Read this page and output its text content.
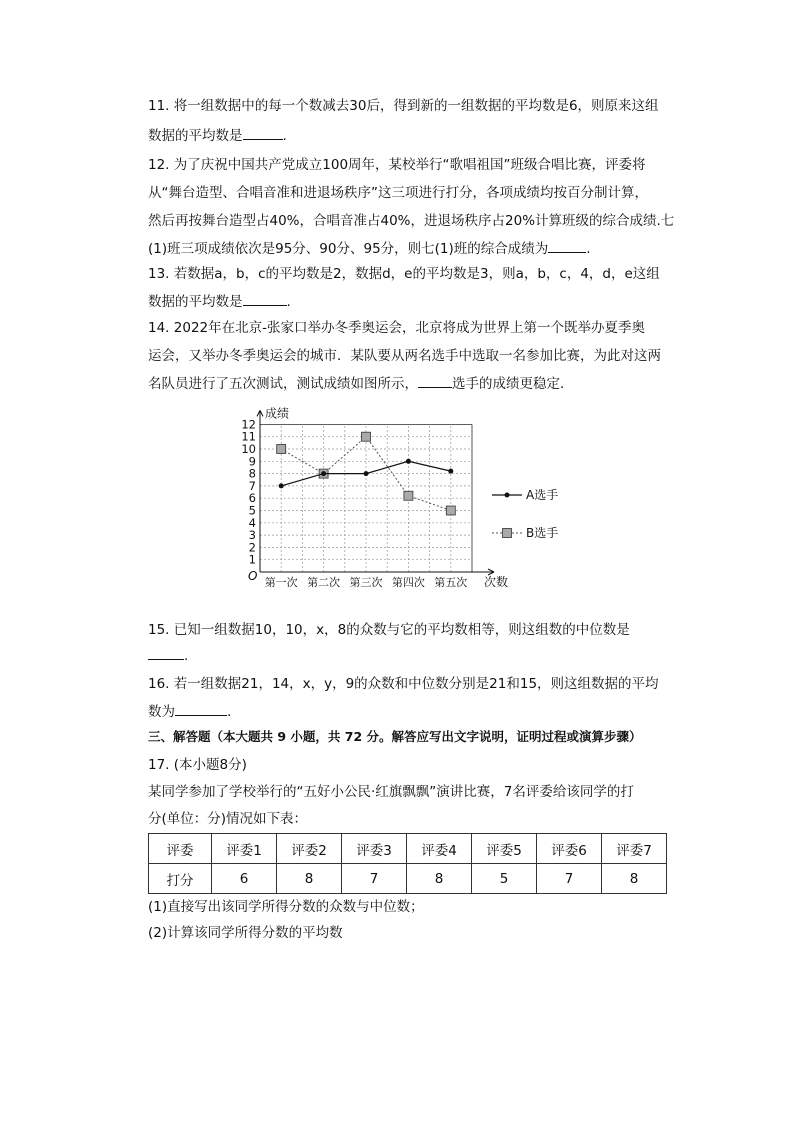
11. 将一组数据中的每一个数减去30后，得到新的一组数据的平均数是6，则原来这组
数据的平均数是	.
12. 为了庆祝中国共产党成立100周年，某校举行“歌唱祖国”班级合唱比赛，评委将
从“舞台造型、合唱音准和进退场秩序”这三项进行打分，各项成绩均按百分制计算，
然后再按舞台造型占40%，合唱音准占40%，进退场秩序占20%计算班级的综合成绩.七
(1)班三项成绩依次是95分、90分、95分，则七(1)班的综合成绩为	.
13. 若数据a，b，c的平均数是2，数据d，e的平均数是3，则a，b，c，4，d，e这组
数据的平均数是	.
14. 2022年在北京-张家口举办冬季奥运会，北京将成为世界上第一个既举办夏季奥
运会，又举办冬季奥运会的城市．某队要从两名选手中选取一名参加比赛，为此对这两
名队员进行了五次测试，测试成绩如图所示，	选手的成绩更稳定．
成绩
次数
O
1
2
3
4
5
6
7
8
9
10
11
12
第一次 第二次 第三次 第四次 第五次
A选手
B选手
15. 已知一组数据10，10，x，8的众数与它的平均数相等，则这组数的中位数是
.
16. 若一组数据21，14，x，y，9的众数和中位数分别是21和15，则这组数据的平均
数为	.
三、解答题（本大题共 9 小题，共 72 分。解答应写出文字说明，证明过程或演算步骤）
17. (本小题8分)
某同学参加了学校举行的“五好小公民·红旗飘飘”演讲比赛，7名评委给该同学的打
分(单位：分)情况如下表：
评委	评委1	评委2	评委3	评委4	评委5	评委6	评委7
打分	6	8	7	8	5	7	8
(1)直接写出该同学所得分数的众数与中位数；
(2)计算该同学所得分数的平均数
